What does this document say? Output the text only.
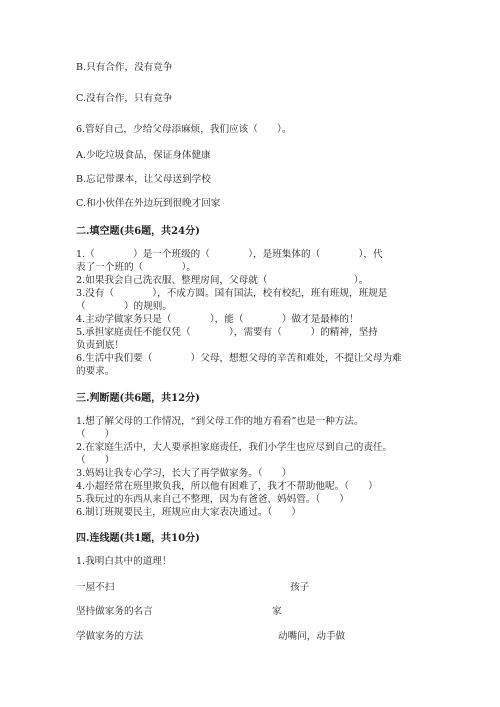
B.只有合作，没有竞争
C.没有合作，只有竞争
6.管好自己，少给父母添麻烦，我们应该（　　）。
A.少吃垃圾食品，保证身体健康
B.忘记带课本，让父母送到学校
C.和小伙伴在外边玩到很晚才回家
二.填空题(共6题，共24分)
1.（　　　　）是一个班级的（　　　　），是班集体的（　　　　），代
表了一个班的（　　　　）。
2.如果我会自己洗衣服、整理房间，父母就（　　　　　　　　　）。
3.没有（　　　　），不成方圆。国有国法，校有校纪，班有班规，班规是
（　　　　）的规则。
4.主动学做家务只是（　　　　），能（　　　　）做才是最棒的！
5.承担家庭责任不能仅凭（　　　　），需要有（　　　）的精神，坚持
负责到底！
6.生活中我们要（　　　　）父母，想想父母的辛苦和难处，不提让父母为难
的要求。
三.判断题(共6题，共12分)
1.想了解父母的工作情况，“到父母工作的地方看看”也是一种方法。
（　　）
2.在家庭生活中，大人要承担家庭责任，我们小学生也应尽到自己的责任。
（　　）
3.妈妈让我专心学习，长大了再学做家务。（　　）
4.小超经常在班里欺负我，所以他有困难了，我才不帮助他呢。（　　）
5.我玩过的东西从来自己不整理，因为有爸爸、妈妈管。（　　）
6.制订班规要民主，班规应由大家表决通过。（　　）
四.连线题(共1题，共10分)
1.我明白其中的道理！
一屋不扫	孩子
坚持做家务的名言	家
学做家务的方法	动嘴问，动手做
